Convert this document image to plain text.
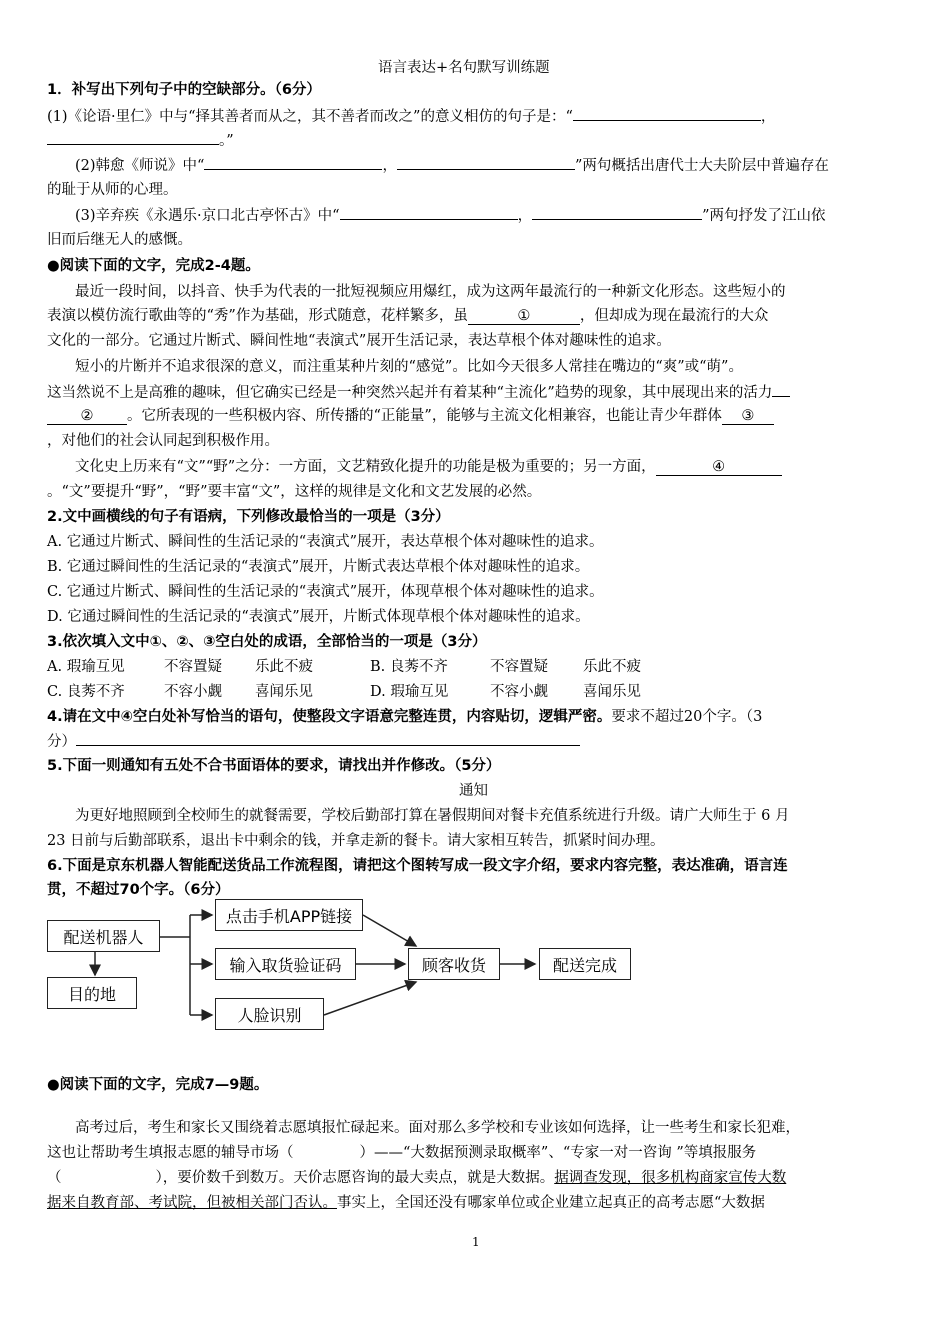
语言表达+名句默写训练题
1．补写出下列句子中的空缺部分。（6分）
(1)《论语·里仁》中与“择其善者而从之，其不善者而改之”的意义相仿的句子是：“	，
。”
(2)韩愈《师说》中“	，	”两句概括出唐代士大夫阶层中普遍存在
的耻于从师的心理。
(3)辛弃疾《永遇乐·京口北古亭怀古》中“	，	”两句抒发了江山依
旧而后继无人的感慨。
●阅读下面的文字，完成2-4题。
最近一段时间，以抖音、快手为代表的一批短视频应用爆红，成为这两年最流行的一种新文化形态。这些短小的
表演以模仿流行歌曲等的“秀”作为基础，形式随意，花样繁多，虽	①	，但却成为现在最流行的大众
文化的一部分。它通过片断式、瞬间性地“表演式”展开生活记录，表达草根个体对趣味性的追求。
短小的片断并不追求很深的意义，而注重某种片刻的“感觉”。比如今天很多人常挂在嘴边的“爽”或“萌”。
这当然说不上是高雅的趣味，但它确实已经是一种突然兴起并有着某种“主流化”趋势的现象，其中展现出来的活力
② 。它所表现的一些积极内容、所传播的“正能量”，能够与主流文化相兼容，也能让青少年群体 ③
，对他们的社会认同起到积极作用。
文化史上历来有“文”“野”之分：一方面，文艺精致化提升的功能是极为重要的；另一方面，	④
。“文”要提升“野”，“野”要丰富“文”，这样的规律是文化和文艺发展的必然。
2.文中画横线的句子有语病，下列修改最恰当的一项是（3分）
A. 它通过片断式、瞬间性的生活记录的“表演式”展开，表达草根个体对趣味性的追求。
B. 它通过瞬间性的生活记录的“表演式”展开，片断式表达草根个体对趣味性的追求。
C. 它通过片断式、瞬间性的生活记录的“表演式”展开，体现草根个体对趣味性的追求。
D. 它通过瞬间性的生活记录的“表演式”展开，片断式体现草根个体对趣味性的追求。
3.依次填入文中①、②、③空白处的成语，全部恰当的一项是（3分）
A. 瑕瑜互见	不容置疑 乐此不疲	B. 良莠不齐	不容置疑 乐此不疲
C. 良莠不齐	不容小觑 喜闻乐见	D. 瑕瑜互见	不容小觑 喜闻乐见
4.请在文中④空白处补写恰当的语句，使整段文字语意完整连贯，内容贴切，逻辑严密。要求不超过20个字。（3
分）
5.下面一则通知有五处不合书面语体的要求，请找出并作修改。（5分）
通知
为更好地照顾到全校师生的就餐需要，学校后勤部打算在暑假期间对餐卡充值系统进行升级。请广大师生于 6 月
23 日前与后勤部联系，退出卡中剩余的钱，并拿走新的餐卡。请大家相互转告，抓紧时间办理。
6.下面是京东机器人智能配送货品工作流程图，请把这个图转写成一段文字介绍，要求内容完整，表达准确，语言连
贯，不超过70个字。（6分）
配送机器人
目的地
点击手机APP链接
输入取货验证码
人脸识别
顾客收货	配送完成
●阅读下面的文字，完成7—9题。
高考过后，考生和家长又围绕着志愿填报忙碌起来。面对那么多学校和专业该如何选择，让一些考生和家长犯难，
这也让帮助考生填报志愿的辅导市场（	）——“大数据预测录取概率”、“专家一对一咨询 ”等填报服务
（	），要价数千到数万。天价志愿咨询的最大卖点，就是大数据。据调查发现，很多机构商家宣传大数
据来自教育部、考试院，但被相关部门否认。事实上，全国还没有哪家单位或企业建立起真正的高考志愿“大数据
1
